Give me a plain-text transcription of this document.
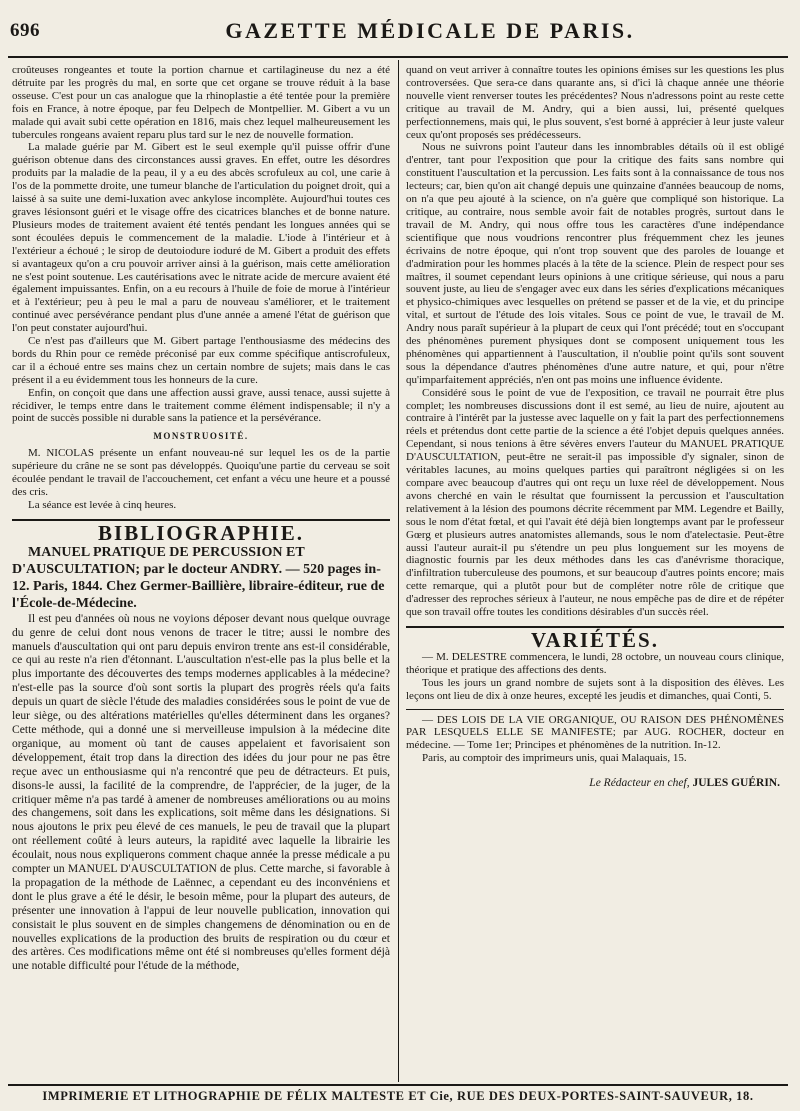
696	GAZETTE MÉDICALE DE PARIS.

croûteuses rongeantes et toute la portion charnue et cartilagineuse du nez a été détruite par les progrès du mal, en sorte que cet organe se trouve réduit à la base osseuse. C'est pour un cas analogue que la rhinoplastie a été tentée pour la première fois en France, à notre époque, par feu Delpech de Montpellier. M. Gibert a vu un malade qui avait subi cette opération en 1816, mais chez lequel malheureusement les tubercules rongeans avaient reparu plus tard sur le nez de nouvelle formation.

La malade guérie par M. Gibert est le seul exemple qu'il puisse offrir d'une guérison obtenue dans des circonstances aussi graves. En effet, outre les désordres produits par la maladie de la peau, il y a eu des abcès scrofuleux au col, une carie à l'os de la pommette droite, une tumeur blanche de l'articulation du poignet droit, qui a laissé à sa suite une demi-luxation avec ankylose incomplète. Aujourd'hui toutes ces graves lésionsont guéri et le visage offre des cicatrices blanches et de bonne nature. Plusieurs modes de traitement avaient été tentés pendant les longues années qui se sont écoulées depuis le commencement de la maladie. L'iode à l'intérieur et à l'extérieur a échoué ; le sirop de deutoiodure ioduré de M. Gibert a produit des effets si avantageux qu'on a cru pouvoir arriver ainsi à la guérison, mais cette amélioration ne s'est point soutenue. Les cautérisations avec le nitrate acide de mercure avaient été également impuissantes. Enfin, on a eu recours à l'huile de foie de morue à l'intérieur et à l'extérieur; peu à peu le mal a paru de nouveau s'améliorer, et le traitement continué avec persévérance pendant plus d'une année a amené l'état de guérison que l'on peut constater aujourd'hui.

Ce n'est pas d'ailleurs que M. Gibert partage l'enthousiasme des médecins des bords du Rhin pour ce remède préconisé par eux comme spécifique antiscrofuleux, car il a échoué entre ses mains chez un certain nombre de sujets; mais dans le cas présent il a eu évidemment tous les honneurs de la cure.

Enfin, on conçoit que dans une affection aussi grave, aussi tenace, aussi sujette à récidiver, le temps entre dans le traitement comme élément indispensable; il n'y a point de succès possible ni durable sans la patience et la persévérance.

MONSTRUOSITÉ.

M. NICOLAS présente un enfant nouveau-né sur lequel les os de la partie supérieure du crâne ne se sont pas développés. Quoiqu'une partie du cerveau se soit écoulée pendant le travail de l'accouchement, cet enfant a vécu une heure et a poussé des cris.

La séance est levée à cinq heures.

BIBLIOGRAPHIE.

MANUEL PRATIQUE DE PERCUSSION ET D'AUSCULTATION; par le docteur ANDRY. — 520 pages in-12. Paris, 1844. Chez Germer-Baillière, libraire-éditeur, rue de l'École-de-Médecine.

Il est peu d'années où nous ne voyions déposer devant nous quelque ouvrage du genre de celui dont nous venons de tracer le titre; aussi le nombre des manuels d'auscultation qui ont paru depuis environ trente ans est-il considérable, ce qui au reste n'a rien d'étonnant. L'auscultation n'est-elle pas la plus belle et la plus importante des découvertes des temps modernes applicables à la médecine? n'est-elle pas la source d'où sont sortis la plupart des progrès réels qu'a faits depuis un quart de siècle l'étude des maladies considérées sous le point de vue de leur siège, ou des altérations matérielles qu'elles déterminent dans les organes? Cette méthode, qui a donné une si merveilleuse impulsion à la médecine dite organique, au moment où tant de causes appelaient et favorisaient son développement, était trop dans la direction des idées du jour pour ne pas être reçue avec un enthousiasme qui n'a rencontré que peu de détracteurs. Et puis, disons-le aussi, la facilité de la comprendre, de l'apprécier, de la juger, de la critiquer même n'a pas tardé à amener de nombreuses améliorations ou au moins des changemens, soit dans les explications, soit même dans les désignations. Si nous ajoutons le prix peu élevé de ces manuels, le peu de travail que la plupart ont réellement coûté à leurs auteurs, la rapidité avec laquelle la librairie les écoulait, nous nous expliquerons comment chaque année la presse médicale a pu compter un MANUEL D'AUSCULTATION de plus. Cette marche, si favorable à la propagation de la méthode de Laënnec, a cependant eu des inconvéniens et dont le plus grave a été le désir, le besoin même, pour la plupart des auteurs, de présenter une innovation à l'appui de leur nouvelle publication, innovation qui consistait le plus souvent en de simples changemens de dénomination ou en de nouvelles explications de la production des bruits de respiration ou du cœur et des artères. Ces modifications même ont été si nombreuses qu'elles forment déjà une notable difficulté pour l'étude de la méthode,

quand on veut arriver à connaître toutes les opinions émises sur les questions les plus controversées. Que sera-ce dans quarante ans, si d'ici là chaque année une théorie nouvelle vient renverser toutes les précédentes? Nous n'adressons point au reste cette critique au travail de M. Andry, qui a bien aussi, lui, présenté quelques perfectionnemens, mais qui, le plus souvent, s'est borné à apprécier à leur juste valeur ceux qu'ont proposés ses prédécesseurs.

Nous ne suivrons point l'auteur dans les innombrables détails où il est obligé d'entrer, tant pour l'exposition que pour la critique des faits sans nombre qui constituent l'auscultation et la percussion. Les faits sont à la connaissance de tous nos lecteurs; car, bien qu'on ait changé depuis une quinzaine d'années beaucoup de noms, on n'a que peu ajouté à la science, on n'a guère que compliqué son historique. La critique, au contraire, nous semble avoir fait de notables progrès, surtout dans le travail de M. Andry, qui nous offre tous les caractères d'une indépendance scientifique que nous voudrions rencontrer plus fréquemment chez les jeunes écrivains de notre époque, qui n'ont trop souvent que des paroles de louange et d'admiration pour les hommes placés à la tête de la science. Plein de respect pour ses maîtres, il soumet cependant leurs opinions à une critique sérieuse, qui nous a paru souvent juste, au lieu de s'engager avec eux dans les séries d'explications mécaniques et physico-chimiques avec lesquelles on prétend se passer et de la vie, et du principe vital, et surtout de l'étude des lois vitales. Sous ce point de vue, le travail de M. Andry nous paraît supérieur à la plupart de ceux qui l'ont précédé; tout en s'occupant des phénomènes purement physiques dont se composent uniquement tous les phénomènes qui appartiennent à l'auscultation, il n'oublie point qu'ils sont souvent sous la dépendance d'autres phénomènes d'une autre nature, et qui, pour n'être qu'imparfaitement appréciés, n'en ont pas moins une influence évidente.

Considéré sous le point de vue de l'exposition, ce travail ne pourrait être plus complet; les nombreuses discussions dont il est semé, au lieu de nuire, ajoutent au contraire à l'intérêt par la justesse avec laquelle on y fait la part des perfectionnemens réels et prétendus dont cette partie de la science a été l'objet depuis quelques années. Cependant, si nous tenions à être sévères envers l'auteur du MANUEL PRATIQUE D'AUSCULTATION, peut-être ne serait-il pas impossible d'y signaler, sinon de véritables lacunes, au moins quelques parties qui paraîtront négligées si on les compare avec beaucoup d'autres qui ont reçu un luxe réel de développement. Nous avons cherché en vain le résultat que fournissent la percussion et l'auscultation relativement à la lésion des poumons décrite récemment par MM. Legendre et Bailly, sous le nom d'état fœtal, et qui l'avait été déjà bien longtemps avant par le professeur Gœrg et plusieurs autres anatomistes allemands, sous le nom d'atelectasie. Peut-être aussi l'auteur aurait-il pu s'étendre un peu plus longuement sur les moyens de diagnostic fournis par les deux méthodes dans les cas d'anévrisme thoracique, d'infiltration tuberculeuse des poumons, et sur beaucoup d'autres points encore; mais cette remarque, qui a plutôt pour but de compléter notre rôle de critique que d'adresser des reproches sérieux à l'auteur, ne nous empêche pas de dire et de répéter que son travail offre toutes les conditions désirables d'un succès réel.

VARIÉTÉS.

— M. DELESTRE commencera, le lundi, 28 octobre, un nouveau cours clinique, théorique et pratique des affections des dents.

Tous les jours un grand nombre de sujets sont à la disposition des élèves. Les leçons ont lieu de dix à onze heures, excepté les jeudis et dimanches, quai Conti, 5.

— DES LOIS DE LA VIE ORGANIQUE, OU RAISON DES PHÉNOMÈNES PAR LESQUELS ELLE SE MANIFESTE; par AUG. ROCHER, docteur en médecine. — Tome 1er; Principes et phénomènes de la nutrition. In-12.

Paris, au comptoir des imprimeurs unis, quai Malaquais, 15.

Le Rédacteur en chef, JULES GUÉRIN.
IMPRIMERIE ET LITHOGRAPHIE DE FÉLIX MALTESTE ET Cie, RUE DES DEUX-PORTES-SAINT-SAUVEUR, 18.
